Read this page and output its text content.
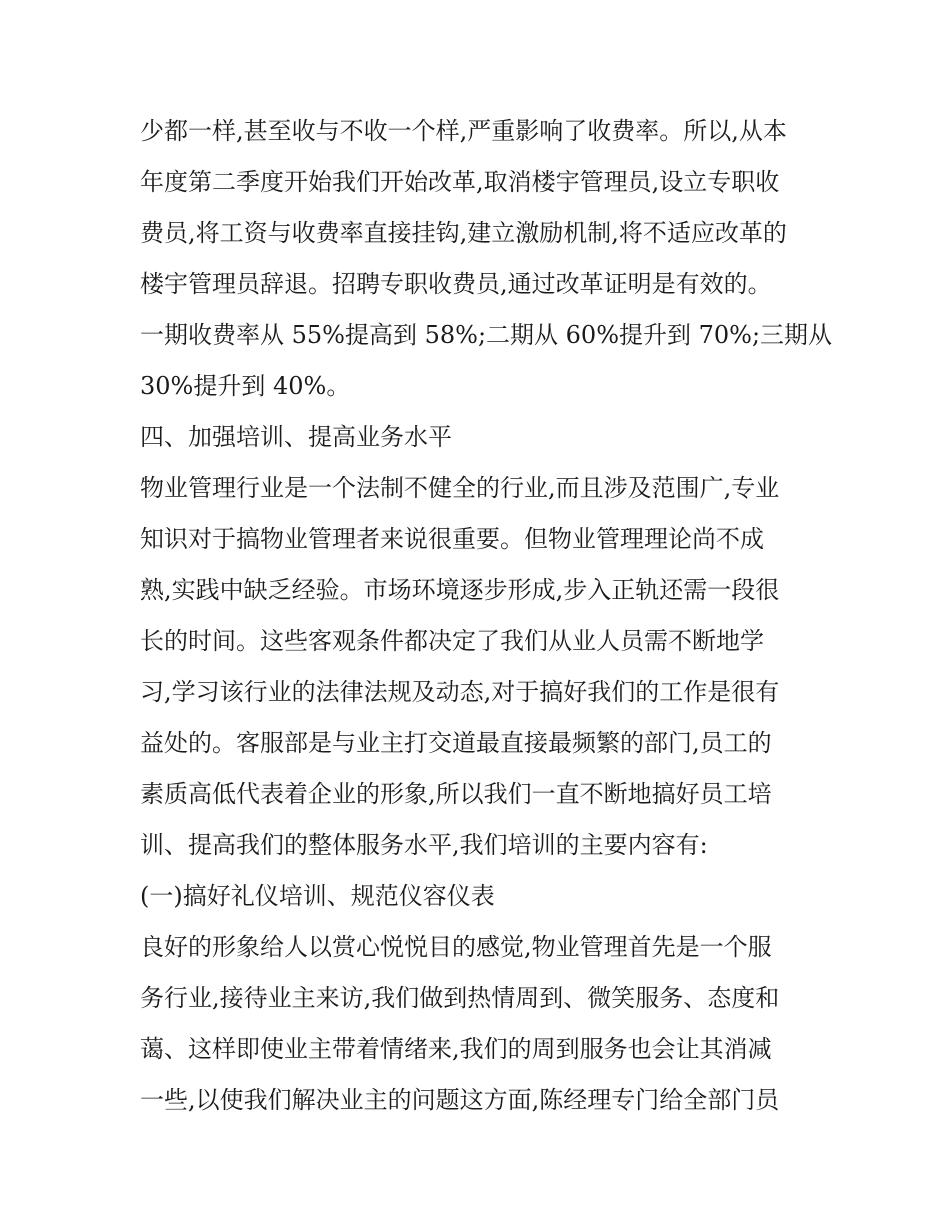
少都一样,甚至收与不收一个样,严重影响了收费率。所以,从本

年度第二季度开始我们开始改革,取消楼宇管理员,设立专职收

费员,将工资与收费率直接挂钩,建立激励机制,将不适应改革的

楼宇管理员辞退。招聘专职收费员,通过改革证明是有效的。

一期收费率从 55%提高到 58%;二期从 60%提升到 70%;三期从

30%提升到 40%。

四、加强培训、提高业务水平

物业管理行业是一个法制不健全的行业,而且涉及范围广,专业

知识对于搞物业管理者来说很重要。但物业管理理论尚不成

熟,实践中缺乏经验。市场环境逐步形成,步入正轨还需一段很

长的时间。这些客观条件都决定了我们从业人员需不断地学

习,学习该行业的法律法规及动态,对于搞好我们的工作是很有

益处的。客服部是与业主打交道最直接最频繁的部门,员工的

素质高低代表着企业的形象,所以我们一直不断地搞好员工培

训、提高我们的整体服务水平,我们培训的主要内容有:

(一)搞好礼仪培训、规范仪容仪表

良好的形象给人以赏心悦悦目的感觉,物业管理首先是一个服

务行业,接待业主来访,我们做到热情周到、微笑服务、态度和

蔼、这样即使业主带着情绪来,我们的周到服务也会让其消减

一些,以使我们解决业主的问题这方面,陈经理专门给全部门员
